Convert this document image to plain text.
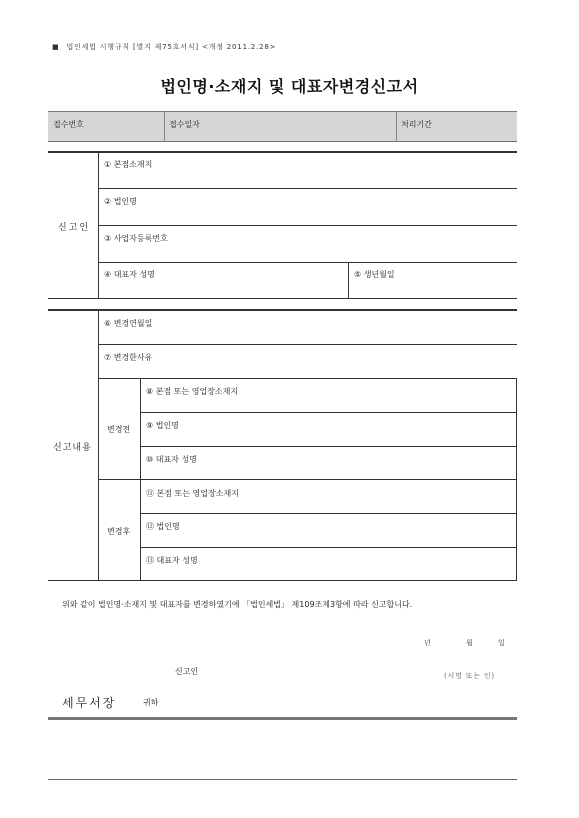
■ 법인세법 시행규칙 [별지 제75호서식] <개정 2011.2.28>
법인명·소재지 및 대표자변경신고서
접수번호	접수일자	처리기간
신고인
① 본점소재지
② 법인명
③ 사업자등록번호
④ 대표자 성명	⑤ 생년월일
⑥ 변경연월일
⑦ 변경한사유
신고내용
변경전
⑧ 본점 또는 영업장소재지
⑨ 법인명
⑩ 대표자 성명
변경후
⑪ 본점 또는 영업장소재지
⑫ 법인명
⑬ 대표자 성명
위와 같이 법인명·소재지 및 대표자를 변경하였기에 「법인세법」 제109조제3항에 따라 신고합니다.
년	월	일
신고인	(서명 또는 인)
세무서장	귀하
